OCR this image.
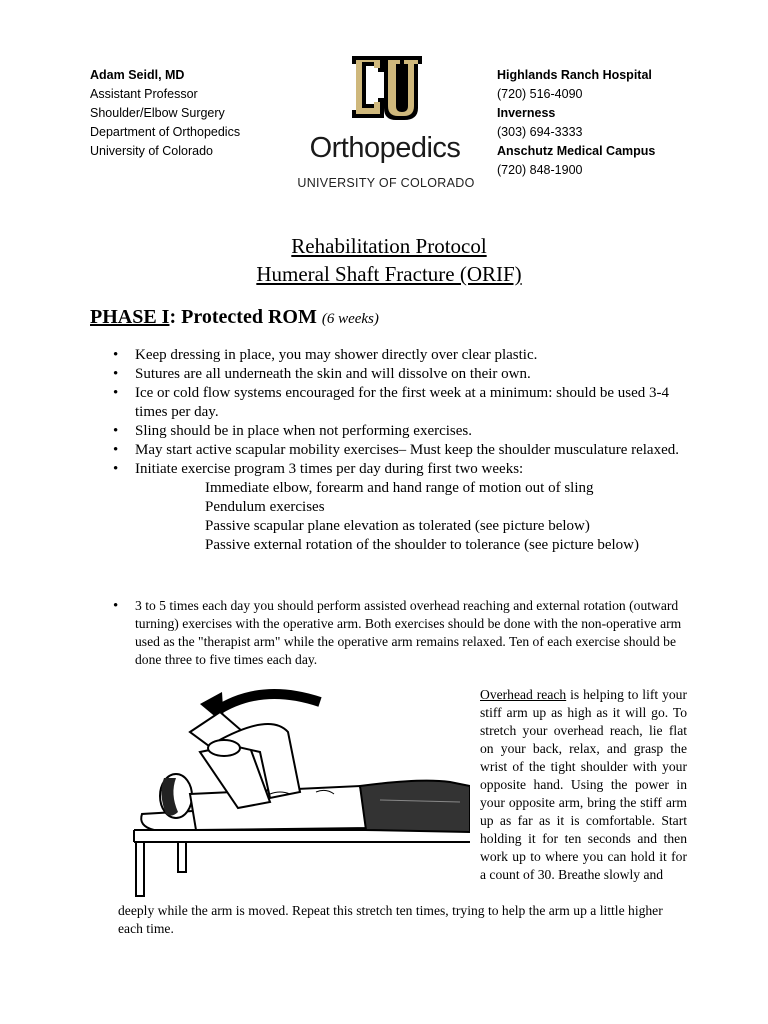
Adam Seidl, MD
Assistant Professor
Shoulder/Elbow Surgery
Department of Orthopedics
University of Colorado	Orthopedics
UNIVERSITY OF COLORADO
Highlands Ranch Hospital
(720) 516-4090
Inverness
(303) 694-3333
Anschutz Medical Campus
(720) 848-1900
Rehabilitation Protocol
Humeral Shaft Fracture (ORIF)
PHASE I: Protected ROM (6 weeks)
• Keep dressing in place, you may shower directly over clear plastic.
• Sutures are all underneath the skin and will dissolve on their own.
• Ice or cold flow systems encouraged for the first week at a minimum: should be used 3-4 times per day.
• Sling should be in place when not performing exercises.
• May start active scapular mobility exercises– Must keep the shoulder musculature relaxed.
• Initiate exercise program 3 times per day during first two weeks:
Immediate elbow, forearm and hand range of motion out of sling
Pendulum exercises
Passive scapular plane elevation as tolerated (see picture below)
Passive external rotation of the shoulder to tolerance (see picture below)
• 3 to 5 times each day you should perform assisted overhead reaching and external rotation (outward turning) exercises with the operative arm. Both exercises should be done with the non-operative arm used as the "therapist arm" while the operative arm remains relaxed. Ten of each exercise should be done three to five times each day.
Overhead reach is helping to lift your stiff arm up as high as it will go. To stretch your overhead reach, lie flat on your back, relax, and grasp the wrist of the tight shoulder with your opposite hand. Using the power in your opposite arm, bring the stiff arm up as far as it is comfortable. Start holding it for ten seconds and then work up to where you can hold it for a count of 30. Breathe slowly and
deeply while the arm is moved. Repeat this stretch ten times, trying to help the arm up a little higher each time.
